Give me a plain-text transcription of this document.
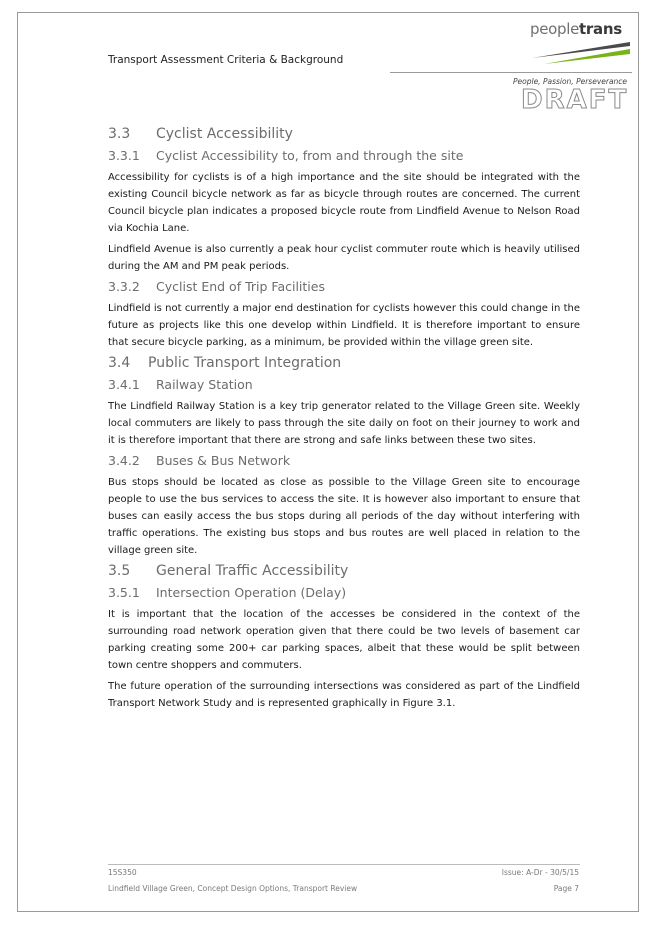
Transport Assessment Criteria & Background
peopletrans
People, Passion, Perseverance
DRAFT
3.3	Cyclist Accessibility
3.3.1	Cyclist Accessibility to, from and through the site

Accessibility for cyclists is of a high importance and the site should be integrated with the existing Council bicycle network as far as bicycle through routes are concerned. The current Council bicycle plan indicates a proposed bicycle route from Lindfield Avenue to Nelson Road via Kochia Lane.

Lindfield Avenue is also currently a peak hour cyclist commuter route which is heavily utilised during the AM and PM peak periods.

3.3.2	Cyclist End of Trip Facilities

Lindfield is not currently a major end destination for cyclists however this could change in the future as projects like this one develop within Lindfield. It is therefore important to ensure that secure bicycle parking, as a minimum, be provided within the village green site.

3.4	Public Transport Integration
3.4.1	Railway Station

The Lindfield Railway Station is a key trip generator related to the Village Green site. Weekly local commuters are likely to pass through the site daily on foot on their journey to work and it is therefore important that there are strong and safe links between these two sites.

3.4.2	Buses & Bus Network

Bus stops should be located as close as possible to the Village Green site to encourage people to use the bus services to access the site. It is however also important to ensure that buses can easily access the bus stops during all periods of the day without interfering with traffic operations. The existing bus stops and bus routes are well placed in relation to the village green site.

3.5	General Traffic Accessibility
3.5.1	Intersection Operation (Delay)

It is important that the location of the accesses be considered in the context of the surrounding road network operation given that there could be two levels of basement car parking creating some 200+ car parking spaces, albeit that these would be split between town centre shoppers and commuters.

The future operation of the surrounding intersections was considered as part of the Lindfield Transport Network Study and is represented graphically in Figure 3.1.

15S350	Issue: A-Dr - 30/5/15
Lindfield Village Green, Concept Design Options, Transport Review	Page 7
